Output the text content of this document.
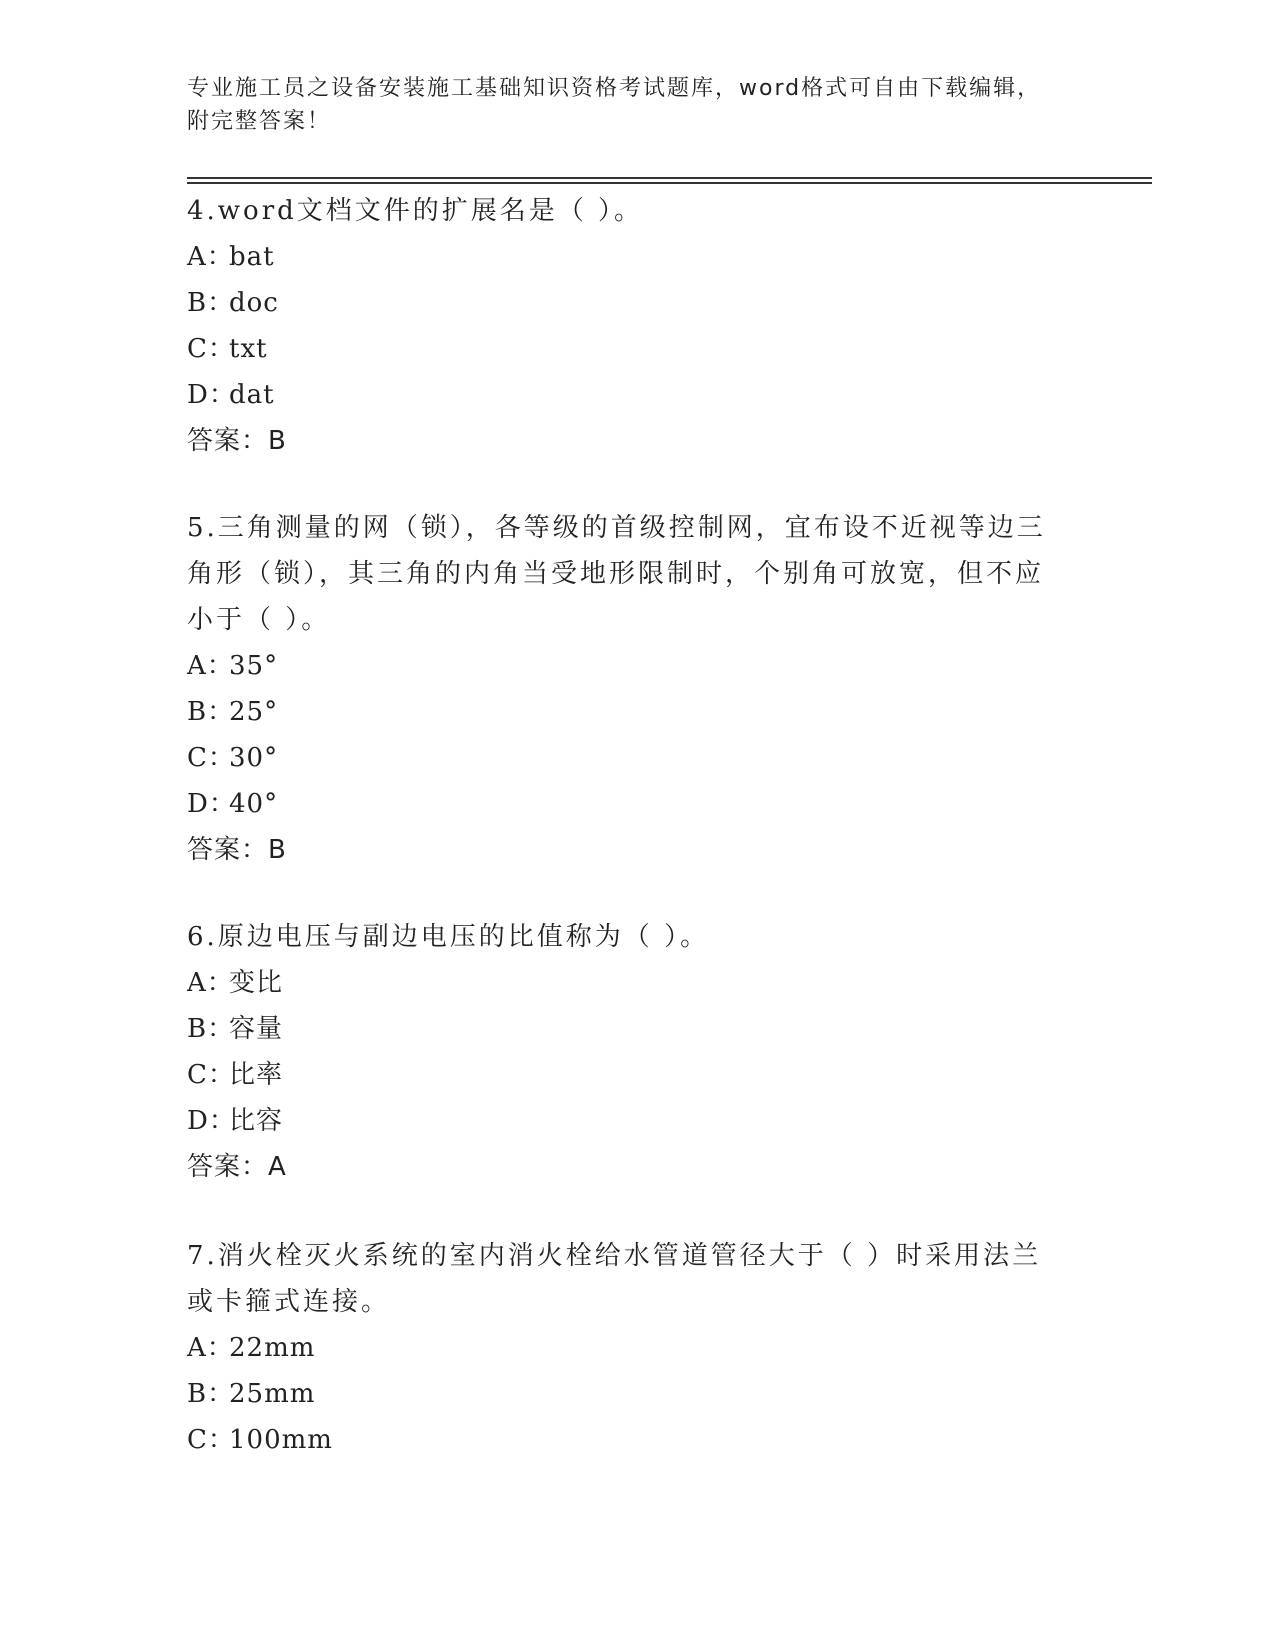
专业施工员之设备安装施工基础知识资格考试题库，word格式可自由下载编辑，
附完整答案！

4.word文档文件的扩展名是（ ）。

A：bat

B：doc

C：txt

D：dat

答案：B

5.三角测量的网（锁），各等级的首级控制网，宜布设不近视等边三角形（锁），其三角的内角当受地形限制时，个别角可放宽，但不应小于（ ）。

A：35°

B：25°

C：30°

D：40°

答案：B

6.原边电压与副边电压的比值称为（ ）。

A：变比

B：容量

C：比率

D：比容

答案：A

7.消火栓灭火系统的室内消火栓给水管道管径大于（ ）时采用法兰或卡箍式连接。

A：22mm

B：25mm

C：100mm
